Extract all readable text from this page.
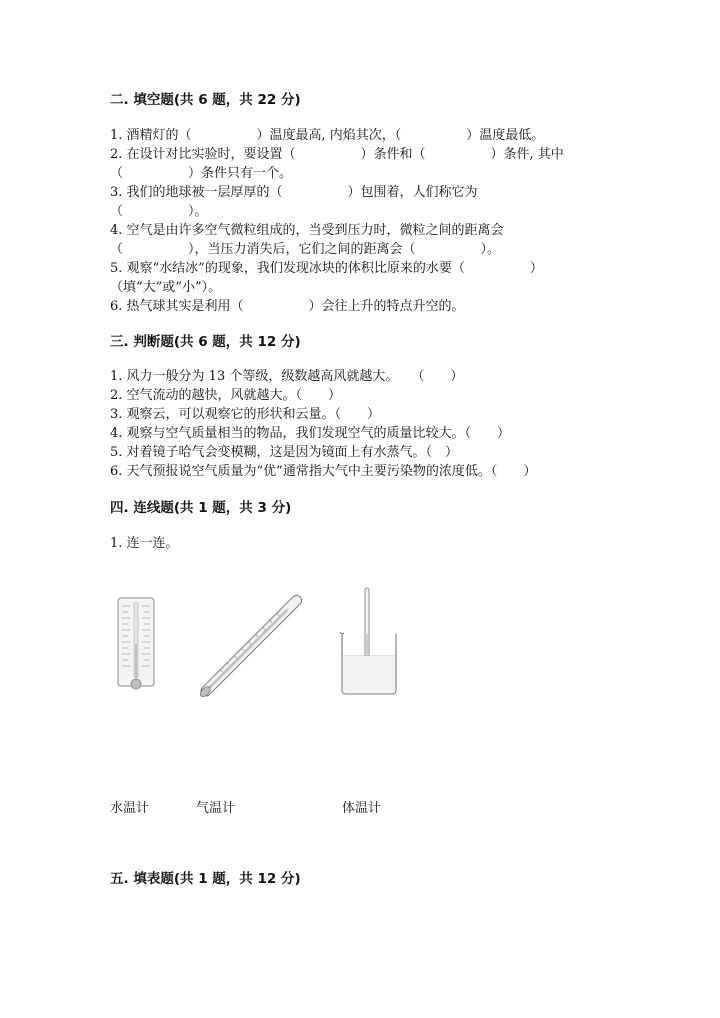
二. 填空题(共 6 题，共 22 分)
1. 酒精灯的（　　　　　）温度最高, 内焰其次，（　　　　　）温度最低。
2. 在设计对比实验时，要设置（　　　　　）条件和（　　　　　）条件, 其中
（　　　　　）条件只有一个。
3. 我们的地球被一层厚厚的（　　　　　）包围着，人们称它为
（　　　　　）。
4. 空气是由许多空气微粒组成的，当受到压力时，微粒之间的距离会
（　　　　　），当压力消失后，它们之间的距离会（　　　　　）。
5. 观察“水结冰”的现象，我们发现冰块的体积比原来的水要（　　　　　）
（填“大”或“小”）。
6. 热气球其实是利用（　　　　　）会往上升的特点升空的。
三. 判断题(共 6 题，共 12 分)
1. 风力一般分为 13 个等级，级数越高风就越大。　　（　　）
2. 空气流动的越快，风就越大。（　　）
3. 观察云，可以观察它的形状和云量。（　　）
4. 观察与空气质量相当的物品，我们发现空气的质量比较大。（　　）
5. 对着镜子哈气会变模糊，这是因为镜面上有水蒸气。（　）
6. 天气预报说空气质量为“优”通常指大气中主要污染物的浓度低。（　　）
四. 连线题(共 1 题，共 3 分)
1. 连一连。
水温计	气温计	体温计
五. 填表题(共 1 题，共 12 分)
